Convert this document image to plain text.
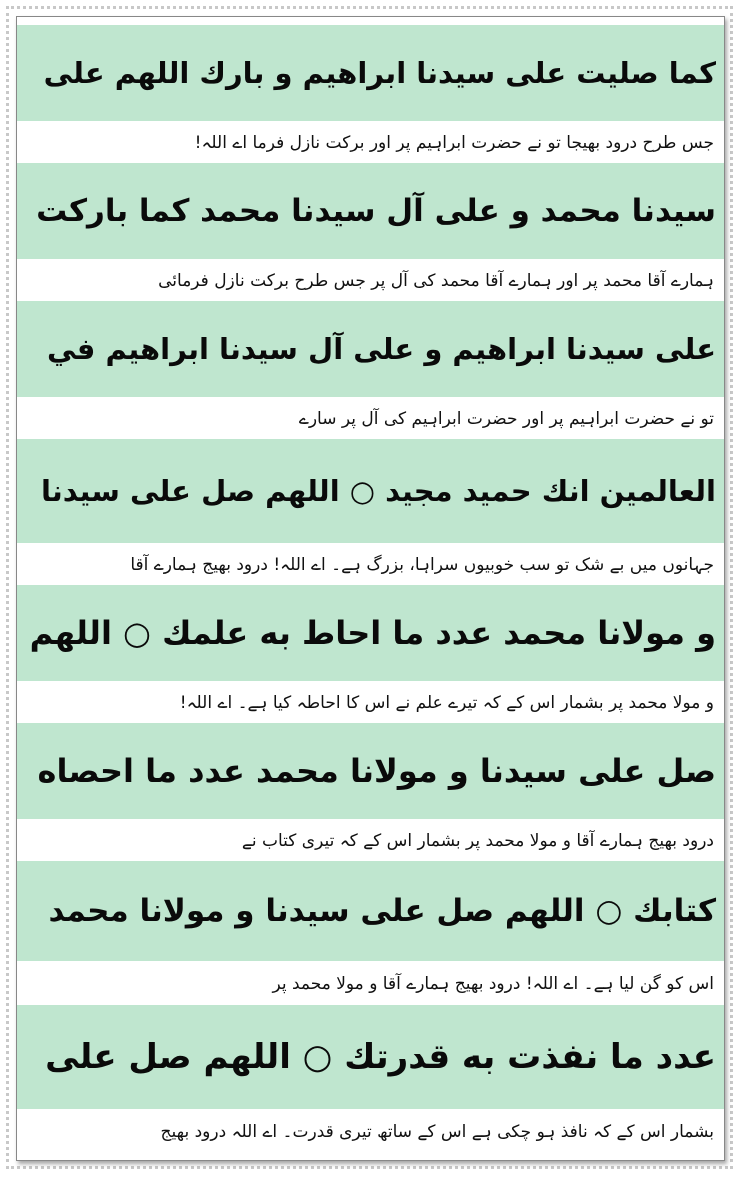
كما صليت على سيدنا ابراهيم و بارك اللهم على
جس طرح درود بھیجا تو نے حضرت ابراہیم پر اور برکت نازل فرما اے اللہ!
سيدنا محمد و على آل سيدنا محمد كما باركت
ہمارے آقا محمد پر اور ہمارے آقا محمد کی آل پر جس طرح برکت نازل فرمائی
على سيدنا ابراهيم و على آل سيدنا ابراهيم في
تو نے حضرت ابراہیم پر اور حضرت ابراہیم کی آل پر سارے
العالمين انك حميد مجيد ○ اللهم صل على سيدنا
جہانوں میں بے شک تو سب خوبیوں سراہا، بزرگ ہے۔ اے اللہ! درود بھیج ہمارے آقا
و مولانا محمد عدد ما احاط به علمك ○ اللهم
و مولا محمد پر بشمار اس کے کہ تیرے علم نے اس کا احاطہ کیا ہے۔ اے اللہ!
صل على سيدنا و مولانا محمد عدد ما احصاه
درود بھیج ہمارے آقا و مولا محمد پر بشمار اس کے کہ تیری کتاب نے
كتابك ○ اللهم صل على سيدنا و مولانا محمد
اس کو گن لیا ہے۔ اے اللہ! درود بھیج ہمارے آقا و مولا محمد پر
عدد ما نفذت به قدرتك ○ اللهم صل على
بشمار اس کے کہ نافذ ہو چکی ہے اس کے ساتھ تیری قدرت۔ اے اللہ درود بھیج
